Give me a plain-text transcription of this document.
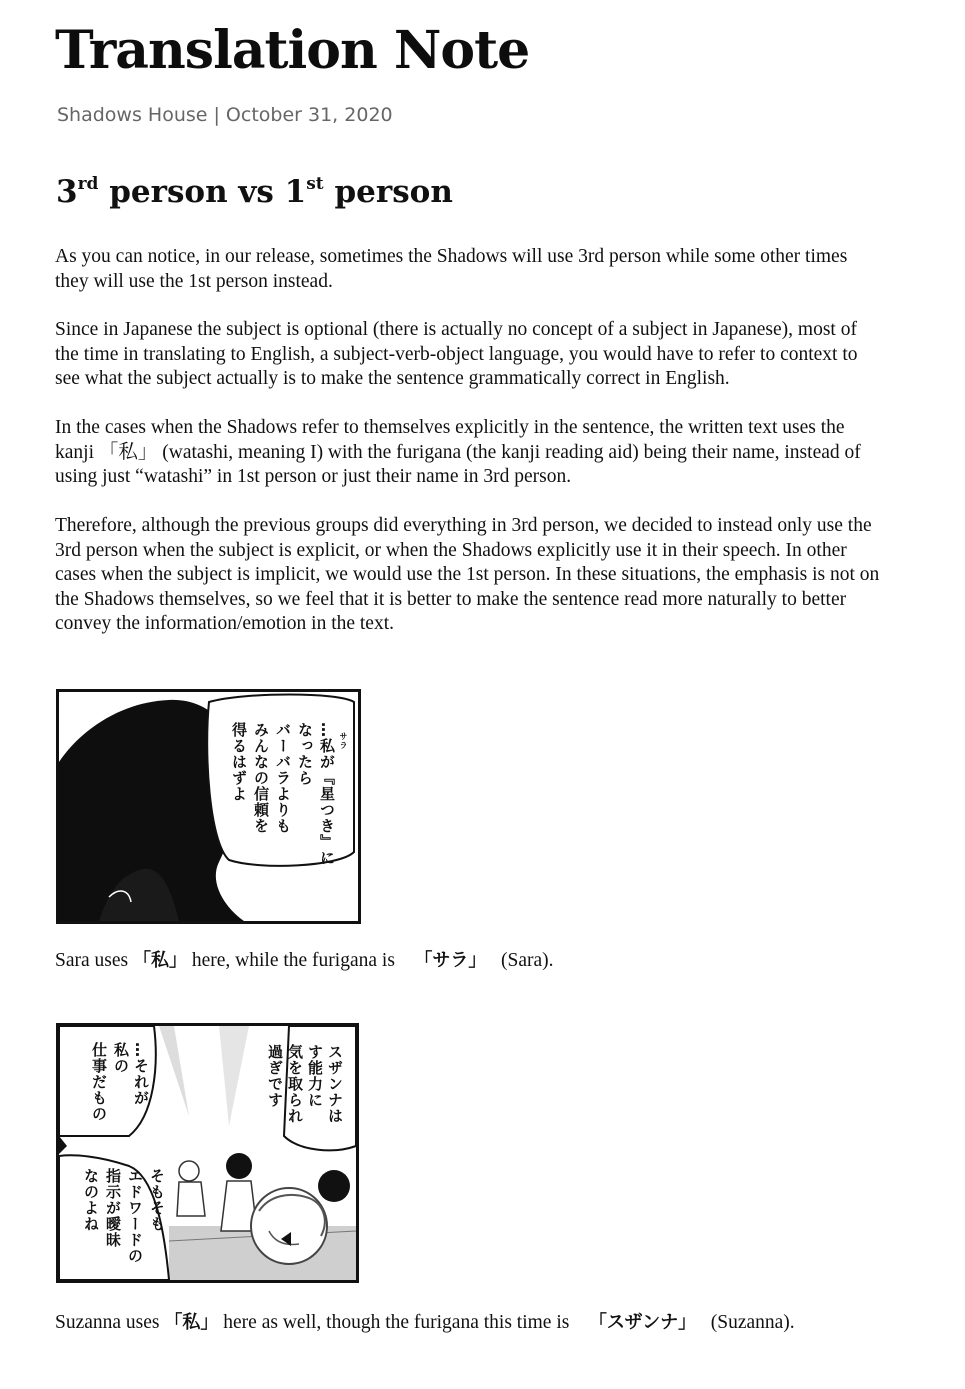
Translation Note
Shadows House | October 31, 2020
3rd person vs 1st person

As you can notice, in our release, sometimes the Shadows will use 3rd person while some other times they will use the 1st person instead.

Since in Japanese the subject is optional (there is actually no concept of a subject in Japanese), most of the time in translating to English, a subject-verb-object language, you would have to refer to context to see what the subject actually is to make the sentence grammatically correct in English.

In the cases when the Shadows refer to themselves explicitly in the sentence, the written text uses the kanji 「私」 (watashi, meaning I) with the furigana (the kanji reading aid) being their name, instead of using just “watashi” in 1st person or just their name in 3rd person.

Therefore, although the previous groups did everything in 3rd person, we decided to instead only use the 3rd person when the subject is explicit, or when the Shadows explicitly use it in their speech. In other cases when the subject is implicit, we would use the 1st person. In these situations, the emphasis is not on the Shadows themselves, so we feel that it is better to make the sentence read more naturally to better convey the information/emotion in the text.

…私が『星つき』に
なったら
バーバラよりも
みんなの信頼を
得るはずよ	サラ

Sara uses 「私」 here, while the furigana is 「サラ」 (Sara).

スザンナは
す能力に
気を取られ
過ぎです
…それが
私の
仕事だもの
そもそも
エドワードの
指示が曖昧
なのよね

Suzanna uses 「私」 here as well, though the furigana this time is 「スザンナ」 (Suzanna).
